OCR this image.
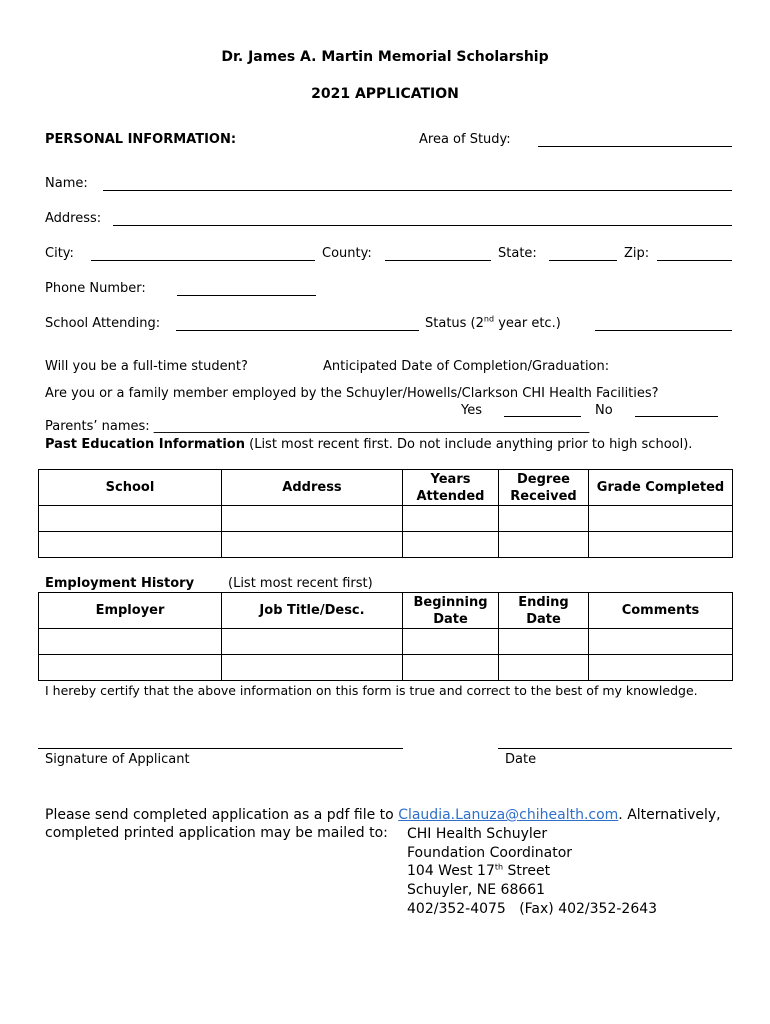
Dr. James A. Martin Memorial Scholarship
2021 APPLICATION
PERSONAL INFORMATION:	Area of Study:
Name:
Address:
City:	County:	State:	Zip:
Phone Number:
School Attending:	Status (2nd year etc.)
Will you be a full-time student?	Anticipated Date of Completion/Graduation:
Are you or a family member employed by the Schuyler/Howells/Clarkson CHI Health Facilities?
Yes	No
Parents’ names: ___________________________________________________________________
Past Education Information (List most recent first. Do not include anything prior to high school).
School	Address	Years Attended	Degree Received	Grade Completed

Employment History	(List most recent first)
Employer	Job Title/Desc.	Beginning Date	Ending Date	Comments

I hereby certify that the above information on this form is true and correct to the best of my knowledge.
Signature of Applicant	Date
Please send completed application as a pdf file to Claudia.Lanuza@chihealth.com. Alternatively,
completed printed application may be mailed to: CHI Health Schuyler
Foundation Coordinator
104 West 17th Street
Schuyler, NE 68661
402/352-4075   (Fax) 402/352-2643
